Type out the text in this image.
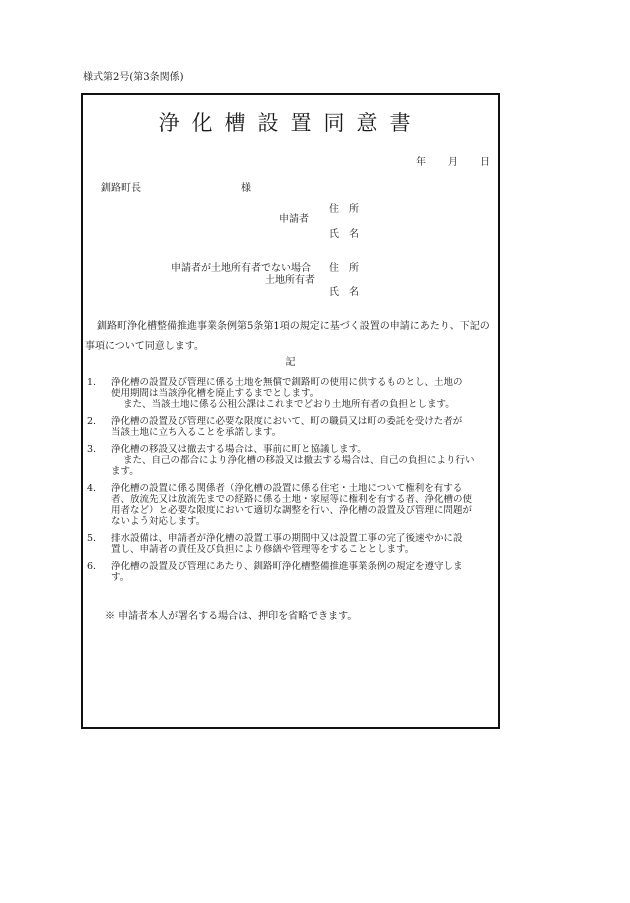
様式第2号(第3条関係)
浄化槽設置同意書
年 月 日
釧路町長	様
申請者
住　所
氏　名
申請者が土地所有者でない場合
土地所有者
住　所
氏　名
釧路町浄化槽整備推進事業条例第5条第1項の規定に基づく設置の申請にあたり、下記の
事項について同意します。
記
1.	浄化槽の設置及び管理に係る土地を無償で釧路町の使用に供するものとし、土地の
使用期間は当該浄化槽を廃止するまでとします。
また、当該土地に係る公租公課はこれまでどおり土地所有者の負担とします。
2.	浄化槽の設置及び管理に必要な限度において、町の職員又は町の委託を受けた者が
当該土地に立ち入ることを承諾します。
3.	浄化槽の移設又は撤去する場合は、事前に町と協議します。
また、自己の都合により浄化槽の移設又は撤去する場合は、自己の負担により行い
ます。
4.	浄化槽の設置に係る関係者（浄化槽の設置に係る住宅・土地について権利を有する
者、放流先又は放流先までの経路に係る土地・家屋等に権利を有する者、浄化槽の使
用者など）と必要な限度において適切な調整を行い、浄化槽の設置及び管理に問題が
ないよう対応します。
5.	排水設備は、申請者が浄化槽の設置工事の期間中又は設置工事の完了後速やかに設
置し、申請者の責任及び負担により修繕や管理等をすることとします。
6.	浄化槽の設置及び管理にあたり、釧路町浄化槽整備推進事業条例の規定を遵守しま
す。
※ 申請者本人が署名する場合は、押印を省略できます。
